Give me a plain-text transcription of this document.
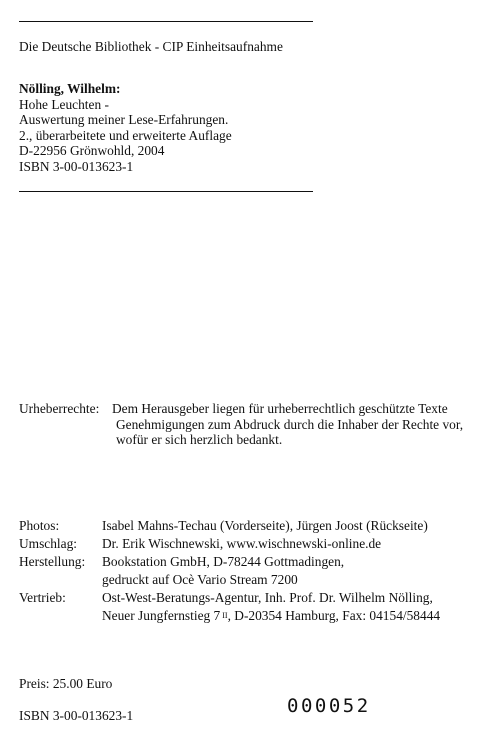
Die Deutsche Bibliothek - CIP Einheitsaufnahme
Nölling, Wilhelm:
Hohe Leuchten -
Auswertung meiner Lese-Erfahrungen.
2., überarbeitete und erweiterte Auflage
D-22956 Grönwohld, 2004
ISBN 3-00-013623-1
Urheberrechte: Dem Herausgeber liegen für urheberrechtlich geschützte Texte
Genehmigungen zum Abdruck durch die Inhaber der Rechte vor,
wofür er sich herzlich bedankt.
Photos:	Isabel Mahns-Techau (Vorderseite), Jürgen Joost (Rückseite)
Umschlag:	Dr. Erik Wischnewski, www.wischnewski-online.de
Herstellung:	Bookstation GmbH, D-78244 Gottmadingen,
gedruckt auf Ocè Vario Stream 7200
Vertrieb:	Ost-West-Beratungs-Agentur, Inh. Prof. Dr. Wilhelm Nölling,
Neuer Jungfernstieg 7 II , D-20354 Hamburg, Fax: 04154/58444
Preis: 25.00 Euro
ISBN 3-00-013623-1	000052
